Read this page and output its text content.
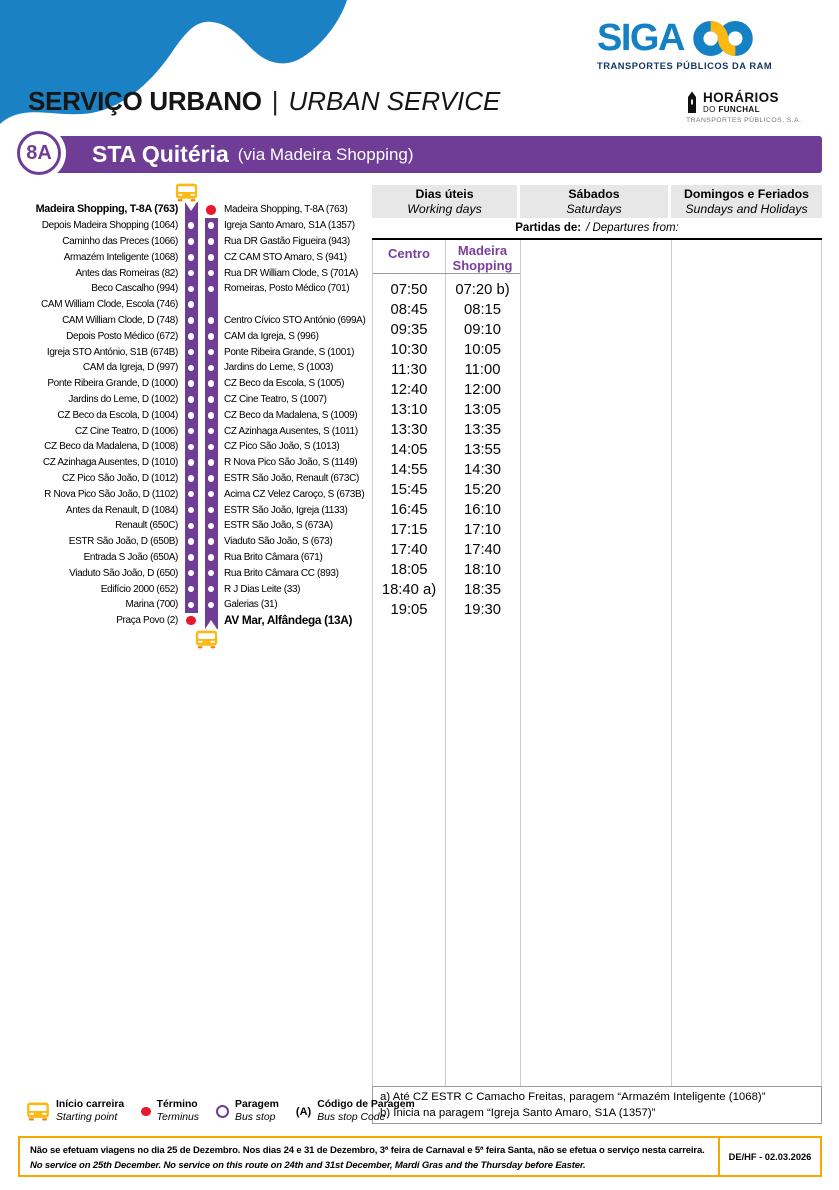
SIGA
TRANSPORTES PÚBLICOS DA RAM
SERVIÇO URBANO | URBAN SERVICE	HORÁRIOS
DO FUNCHAL
TRANSPORTES PÚBLICOS, S.A.
STA Quitéria (via Madeira Shopping)
8A
Madeira Shopping, T-8A (763)	Madeira Shopping, T-8A (763)
Depois Madeira Shopping (1064)	Igreja Santo Amaro, S1A (1357)
Caminho das Preces (1066)	Rua DR Gastão Figueira (943)
Armazém Inteligente (1068)	CZ CAM STO Amaro, S (941)
Antes das Romeiras (82)	Rua DR William Clode, S (701A)
Beco Cascalho (994)	Romeiras, Posto Médico (701)
CAM William Clode, Escola (746)
CAM William Clode, D (748)	Centro Cívico STO António (699A)
Depois Posto Médico (672)	CAM da Igreja, S (996)
Igreja STO António, S1B (674B)	Ponte Ribeira Grande, S (1001)
CAM da Igreja, D (997)	Jardins do Leme, S (1003)
Ponte Ribeira Grande, D (1000)	CZ Beco da Escola, S (1005)
Jardins do Leme, D (1002)	CZ Cine Teatro, S (1007)
CZ Beco da Escola, D (1004)	CZ Beco da Madalena, S (1009)
CZ Cine Teatro, D (1006)	CZ Azinhaga Ausentes, S (1011)
CZ Beco da Madalena, D (1008)	CZ Pico São João, S (1013)
CZ Azinhaga Ausentes, D (1010)	R Nova Pico São João, S (1149)
CZ Pico São João, D (1012)	ESTR São João, Renault (673C)
R Nova Pico São João, D (1102)	Acima CZ Velez Caroço, S (673B)
Antes da Renault, D (1084)	ESTR São João, Igreja (1133)
Renault (650C)	ESTR São João, S (673A)
ESTR São João, D (650B)	Viaduto São João, S (673)
Entrada S João (650A)	Rua Brito Câmara (671)
Viaduto São João, D (650)	Rua Brito Câmara CC (893)
Edifício 2000 (652)	R J Dias Leite (33)
Marina (700)	Galerias (31)
Praça Povo (2)	AV Mar, Alfândega (13A)
Dias úteis
Working days
Sábados
Saturdays
Domingos e Feriados
Sundays and Holidays
Partidas de: / Departures from:
Centro	Madeira Shopping
07:50	07:20 b)
08:45	08:15
09:35	09:10
10:30	10:05
11:30	11:00
12:40	12:00
13:10	13:05
13:30	13:35
14:05	13:55
14:55	14:30
15:45	15:20
16:45	16:10
17:15	17:10
17:40	17:40
18:05	18:10
18:40 a)	18:35
19:05	19:30
a) Até CZ ESTR C Camacho Freitas, paragem “Armazém Inteligente (1068)”
b) Inicia na paragem “Igreja Santo Amaro, S1A (1357)”
Início carreira
Starting point
Término
Terminus
Paragem
Bus stop	(A)
Código de Paragem
Bus stop Code
Não se efetuam viagens no dia 25 de Dezembro. Nos dias 24 e 31 de Dezembro, 3ª feira de Carnaval e 5ª feira Santa, não se efetua o serviço nesta carreira.
No service on 25th December. No service on this route on 24th and 31st December, Mardi Gras and the Thursday before Easter.
DE/HF - 02.03.2026
